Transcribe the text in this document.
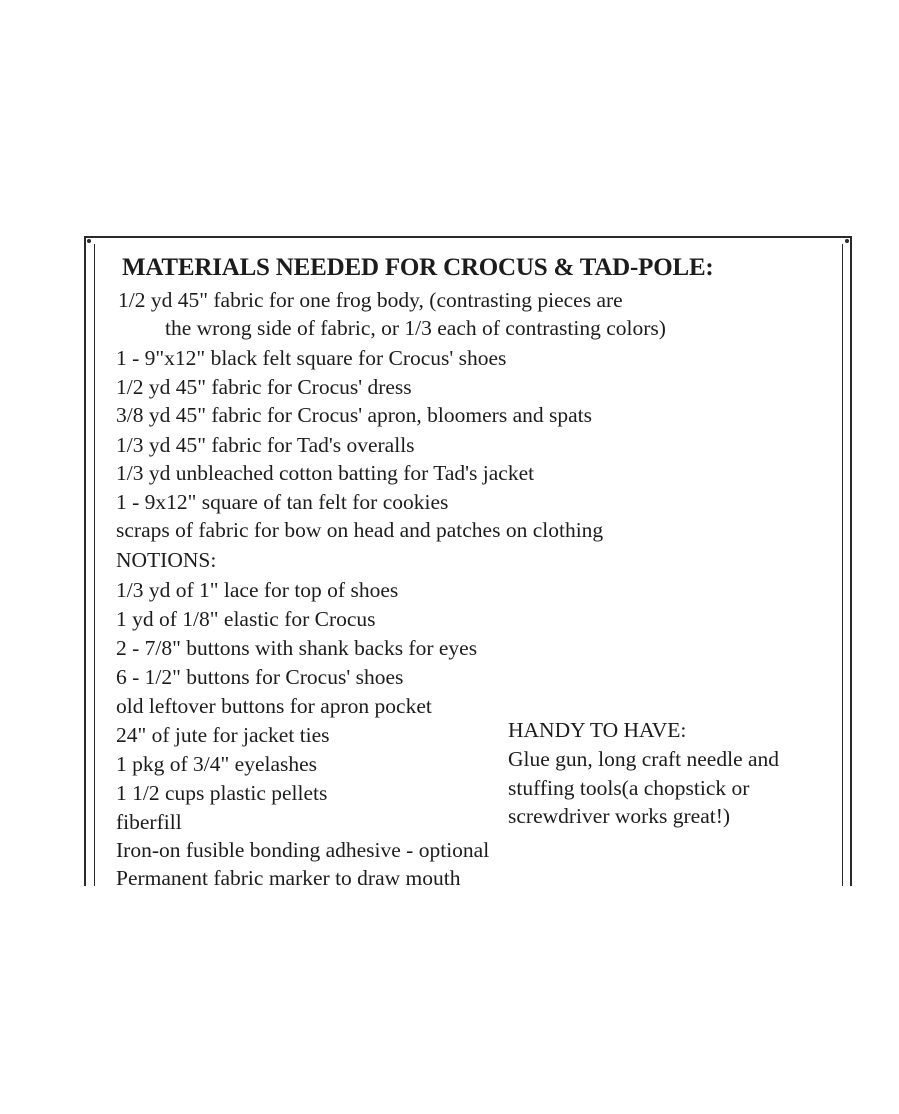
MATERIALS NEEDED FOR CROCUS & TAD-POLE:
1/2 yd 45" fabric for one frog body, (contrasting pieces are
the wrong side of fabric, or 1/3 each of contrasting colors)
1 - 9"x12" black felt square for Crocus' shoes
1/2 yd 45" fabric for Crocus' dress
3/8 yd 45" fabric for Crocus' apron, bloomers and spats
1/3 yd 45" fabric for Tad's overalls
1/3 yd unbleached cotton batting for Tad's jacket
1 - 9x12" square of tan felt for cookies
scraps of fabric for bow on head and patches on clothing
NOTIONS:
1/3 yd of 1" lace for top of shoes
1 yd of 1/8" elastic for Crocus
2 - 7/8" buttons with shank backs for eyes
6 - 1/2" buttons for Crocus' shoes
old leftover buttons for apron pocket
24" of jute for jacket ties
1 pkg of 3/4" eyelashes
1 1/2 cups plastic pellets
fiberfill
Iron-on fusible bonding adhesive - optional
Permanent fabric marker to draw mouth
HANDY TO HAVE:
Glue gun, long craft needle and
stuffing tools(a chopstick or
screwdriver works great!)
